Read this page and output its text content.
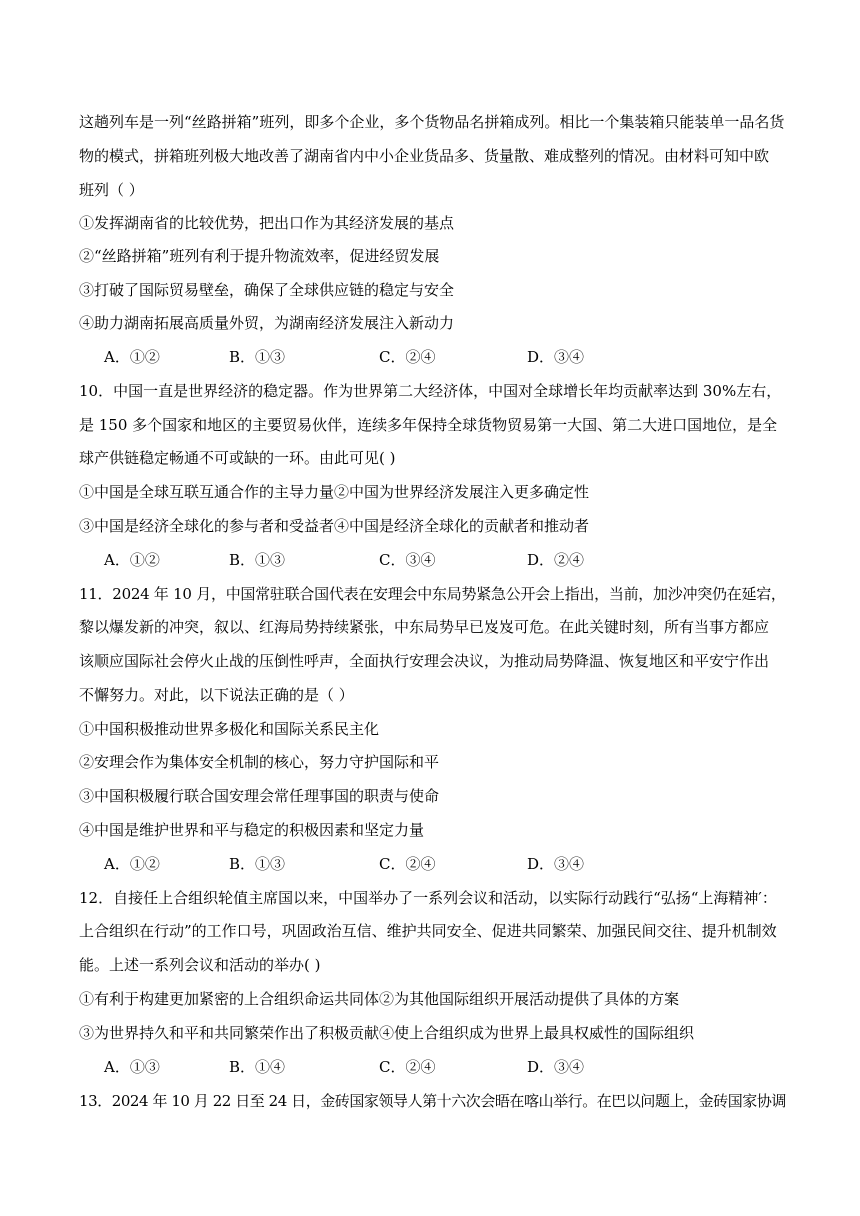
这趟列车是一列“丝路拼箱”班列，即多个企业，多个货物品名拼箱成列。相比一个集装箱只能装单一品名货
物的模式，拼箱班列极大地改善了湖南省内中小企业货品多、货量散、难成整列的情况。由材料可知中欧
班列（ ）
①发挥湖南省的比较优势，把出口作为其经济发展的基点
②“丝路拼箱”班列有利于提升物流效率，促进经贸发展
③打破了国际贸易壁垒，确保了全球供应链的稳定与安全
④助力湖南拓展高质量外贸，为湖南经济发展注入新动力
A．①②	B．①③	C．②④	D．③④
10．中国一直是世界经济的稳定器。作为世界第二大经济体，中国对全球增长年均贡献率达到 30%左右，
是 150 多个国家和地区的主要贸易伙伴，连续多年保持全球货物贸易第一大国、第二大进口国地位，是全
球产供链稳定畅通不可或缺的一环。由此可见( )
①中国是全球互联互通合作的主导力量②中国为世界经济发展注入更多确定性
③中国是经济全球化的参与者和受益者④中国是经济全球化的贡献者和推动者
A．①②	B．①③	C．③④	D．②④
11．2024 年 10 月，中国常驻联合国代表在安理会中东局势紧急公开会上指出，当前，加沙冲突仍在延宕，
黎以爆发新的冲突，叙以、红海局势持续紧张，中东局势早已岌岌可危。在此关键时刻，所有当事方都应
该顺应国际社会停火止战的压倒性呼声，全面执行安理会决议，为推动局势降温、恢复地区和平安宁作出
不懈努力。对此，以下说法正确的是（ ）
①中国积极推动世界多极化和国际关系民主化
②安理会作为集体安全机制的核心，努力守护国际和平
③中国积极履行联合国安理会常任理事国的职责与使命
④中国是维护世界和平与稳定的积极因素和坚定力量
A．①②	B．①③	C．②④	D．③④
12．自接任上合组织轮值主席国以来，中国举办了一系列会议和活动，以实际行动践行“弘扬“上海精神′：
上合组织在行动”的工作口号，巩固政治互信、维护共同安全、促进共同繁荣、加强民间交往、提升机制效
能。上述一系列会议和活动的举办( )
①有利于构建更加紧密的上合组织命运共同体②为其他国际组织开展活动提供了具体的方案
③为世界持久和平和共同繁荣作出了积极贡献④使上合组织成为世界上最具权威性的国际组织
A．①③	B．①④	C．②④	D．③④
13．2024 年 10 月 22 日至 24 日，金砖国家领导人第十六次会晤在喀山举行。在巴以问题上，金砖国家协调
